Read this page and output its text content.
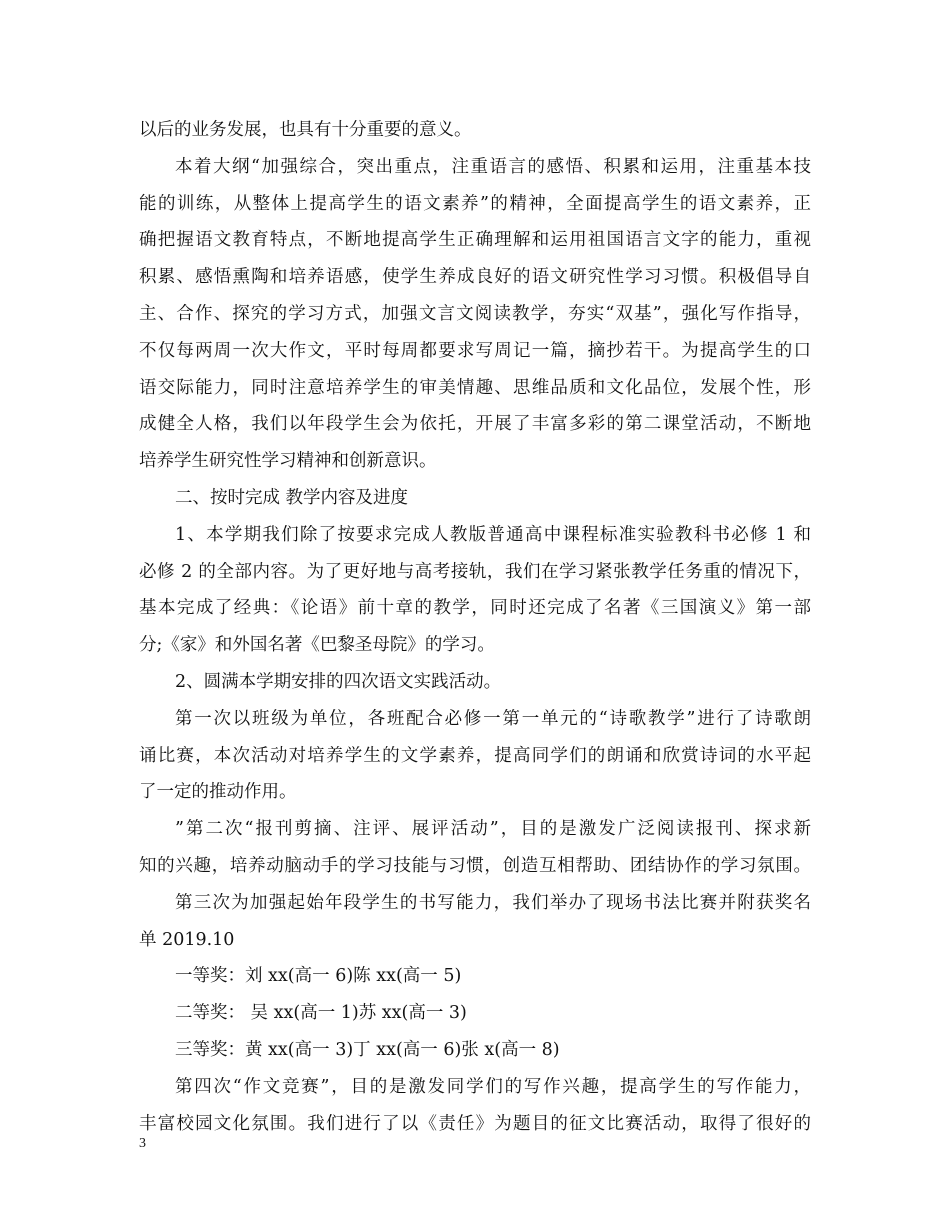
以后的业务发展，也具有十分重要的意义。
本着大纲“加强综合，突出重点，注重语言的感悟、积累和运用，注重基本技
能的训练，从整体上提高学生的语文素养”的精神，全面提高学生的语文素养，正
确把握语文教育特点，不断地提高学生正确理解和运用祖国语言文字的能力，重视
积累、感悟熏陶和培养语感，使学生养成良好的语文研究性学习习惯。积极倡导自
主、合作、探究的学习方式，加强文言文阅读教学，夯实“双基”，强化写作指导，
不仅每两周一次大作文，平时每周都要求写周记一篇，摘抄若干。为提高学生的口
语交际能力，同时注意培养学生的审美情趣、思维品质和文化品位，发展个性，形
成健全人格，我们以年段学生会为依托，开展了丰富多彩的第二课堂活动，不断地
培养学生研究性学习精神和创新意识。
二、按时完成 教学内容及进度
1、本学期我们除了按要求完成人教版普通高中课程标准实验教科书必修 1 和
必修 2 的全部内容。为了更好地与高考接轨，我们在学习紧张教学任务重的情况下，
基本完成了经典：《论语》前十章的教学，同时还完成了名著《三国演义》第一部
分;《家》和外国名著《巴黎圣母院》的学习。
2、圆满本学期安排的四次语文实践活动。
第一次以班级为单位，各班配合必修一第一单元的“诗歌教学”进行了诗歌朗
诵比赛，本次活动对培养学生的文学素养，提高同学们的朗诵和欣赏诗词的水平起
了一定的推动作用。
”第二次“报刊剪摘、注评、展评活动”，目的是激发广泛阅读报刊、探求新
知的兴趣，培养动脑动手的学习技能与习惯，创造互相帮助、团结协作的学习氛围。
第三次为加强起始年段学生的书写能力，我们举办了现场书法比赛并附获奖名
单 2019.10
一等奖：刘 xx(高一 6)陈 xx(高一 5)
二等奖： 吴 xx(高一 1)苏 xx(高一 3)
三等奖：黄 xx(高一 3)丁 xx(高一 6)张 x(高一 8)
第四次“作文竞赛”，目的是激发同学们的写作兴趣，提高学生的写作能力，
丰富校园文化氛围。我们进行了以《责任》为题目的征文比赛活动，取得了很好的
3
